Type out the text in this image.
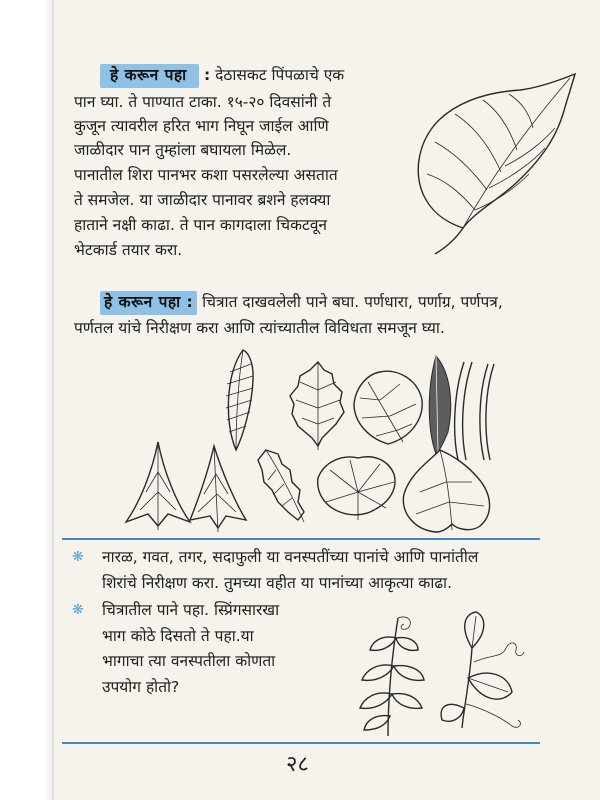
हे करून पहा : देठासकट पिंपळाचे एक
पान घ्या. ते पाण्यात टाका. १५-२० दिवसांनी ते
कुजून त्यावरील हरित भाग निघून जाईल आणि
जाळीदार पान तुम्हांला बघायला मिळेल.
पानातील शिरा पानभर कशा पसरलेल्या असतात
ते समजेल. या जाळीदार पानावर ब्रशने हलक्या
हाताने नक्षी काढा. ते पान कागदाला चिकटवून
भेटकार्ड तयार करा.
हे करून पहा : चित्रात दाखवलेली पाने बघा. पर्णधारा, पर्णाग्र, पर्णपत्र,
पर्णतल यांचे निरीक्षण करा आणि त्यांच्यातील विविधता समजून घ्या.
❋ नारळ, गवत, तगर, सदाफुली या वनस्पतींच्या पानांचे आणि पानांतील
शिरांचे निरीक्षण करा. तुमच्या वहीत या पानांच्या आकृत्या काढा.
❋ चित्रातील पाने पहा. स्प्रिंगसारखा
भाग कोठे दिसतो ते पहा.या
भागाचा त्या वनस्पतीला कोणता
उपयोग होतो?
२८
